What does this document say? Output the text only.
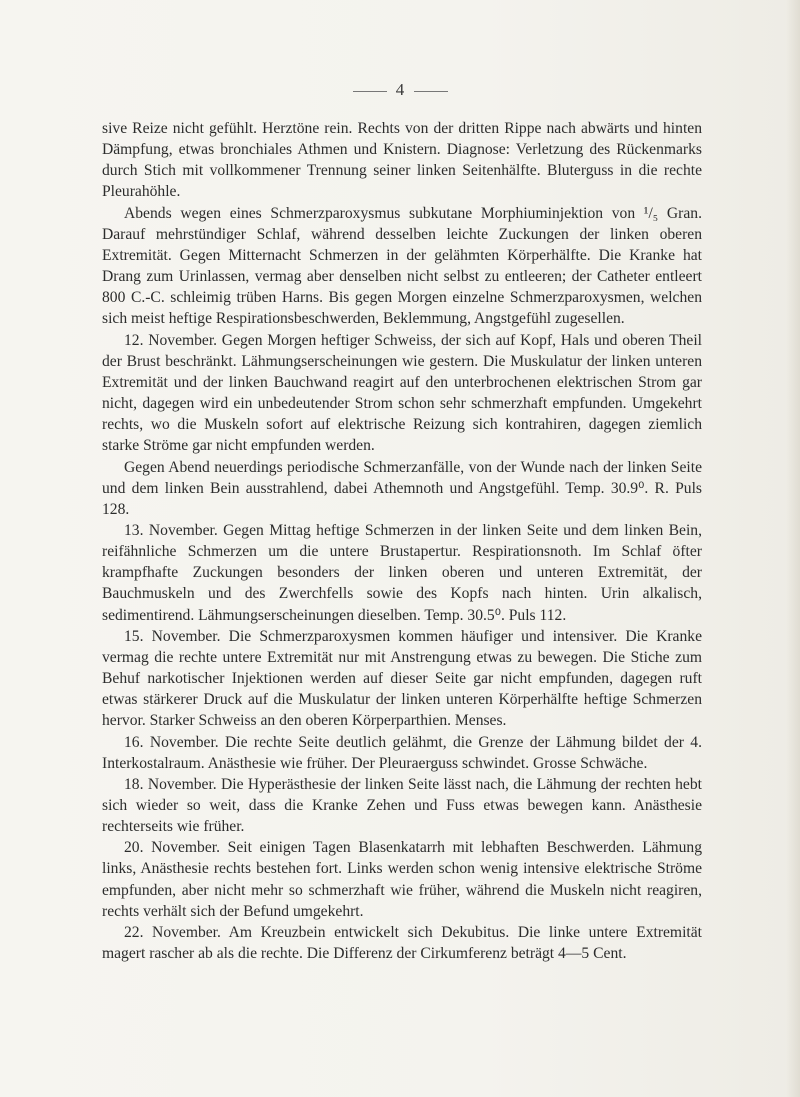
4

sive Reize nicht gefühlt. Herztöne rein. Rechts von der dritten Rippe nach abwärts und hinten Dämpfung, etwas bronchiales Athmen und Knistern. Diagnose: Verletzung des Rückenmarks durch Stich mit vollkommener Trennung seiner linken Seitenhälfte. Bluterguss in die rechte Pleurahöhle.

Abends wegen eines Schmerzparoxysmus subkutane Morphiuminjektion von ¹/₅ Gran. Darauf mehrstündiger Schlaf, während desselben leichte Zuckungen der linken oberen Extremität. Gegen Mitternacht Schmerzen in der gelähmten Körperhälfte. Die Kranke hat Drang zum Urinlassen, vermag aber denselben nicht selbst zu entleeren; der Catheter entleert 800 C.-C. schleimig trüben Harns. Bis gegen Morgen einzelne Schmerzparoxysmen, welchen sich meist heftige Respirationsbeschwerden, Beklemmung, Angstgefühl zugesellen.

12. November. Gegen Morgen heftiger Schweiss, der sich auf Kopf, Hals und oberen Theil der Brust beschränkt. Lähmungserscheinungen wie gestern. Die Muskulatur der linken unteren Extremität und der linken Bauchwand reagirt auf den unterbrochenen elektrischen Strom gar nicht, dagegen wird ein unbedeutender Strom schon sehr schmerzhaft empfunden. Umgekehrt rechts, wo die Muskeln sofort auf elektrische Reizung sich kontrahiren, dagegen ziemlich starke Ströme gar nicht empfunden werden.

Gegen Abend neuerdings periodische Schmerzanfälle, von der Wunde nach der linken Seite und dem linken Bein ausstrahlend, dabei Athemnoth und Angstgefühl. Temp. 30.9⁰. R. Puls 128.

13. November. Gegen Mittag heftige Schmerzen in der linken Seite und dem linken Bein, reifähnliche Schmerzen um die untere Brustapertur. Respirationsnoth. Im Schlaf öfter krampfhafte Zuckungen besonders der linken oberen und unteren Extremität, der Bauchmuskeln und des Zwerchfells sowie des Kopfs nach hinten. Urin alkalisch, sedimentirend. Lähmungserscheinungen dieselben. Temp. 30.5⁰. Puls 112.

15. November. Die Schmerzparoxysmen kommen häufiger und intensiver. Die Kranke vermag die rechte untere Extremität nur mit Anstrengung etwas zu bewegen. Die Stiche zum Behuf narkotischer Injektionen werden auf dieser Seite gar nicht empfunden, dagegen ruft etwas stärkerer Druck auf die Muskulatur der linken unteren Körperhälfte heftige Schmerzen hervor. Starker Schweiss an den oberen Körperparthien. Menses.

16. November. Die rechte Seite deutlich gelähmt, die Grenze der Lähmung bildet der 4. Interkostalraum. Anästhesie wie früher. Der Pleuraerguss schwindet. Grosse Schwäche.

18. November. Die Hyperästhesie der linken Seite lässt nach, die Lähmung der rechten hebt sich wieder so weit, dass die Kranke Zehen und Fuss etwas bewegen kann. Anästhesie rechterseits wie früher.

20. November. Seit einigen Tagen Blasenkatarrh mit lebhaften Beschwerden. Lähmung links, Anästhesie rechts bestehen fort. Links werden schon wenig intensive elektrische Ströme empfunden, aber nicht mehr so schmerzhaft wie früher, während die Muskeln nicht reagiren, rechts verhält sich der Befund umgekehrt.

22. November. Am Kreuzbein entwickelt sich Dekubitus. Die linke untere Extremität magert rascher ab als die rechte. Die Differenz der Cirkumferenz beträgt 4—5 Cent.
